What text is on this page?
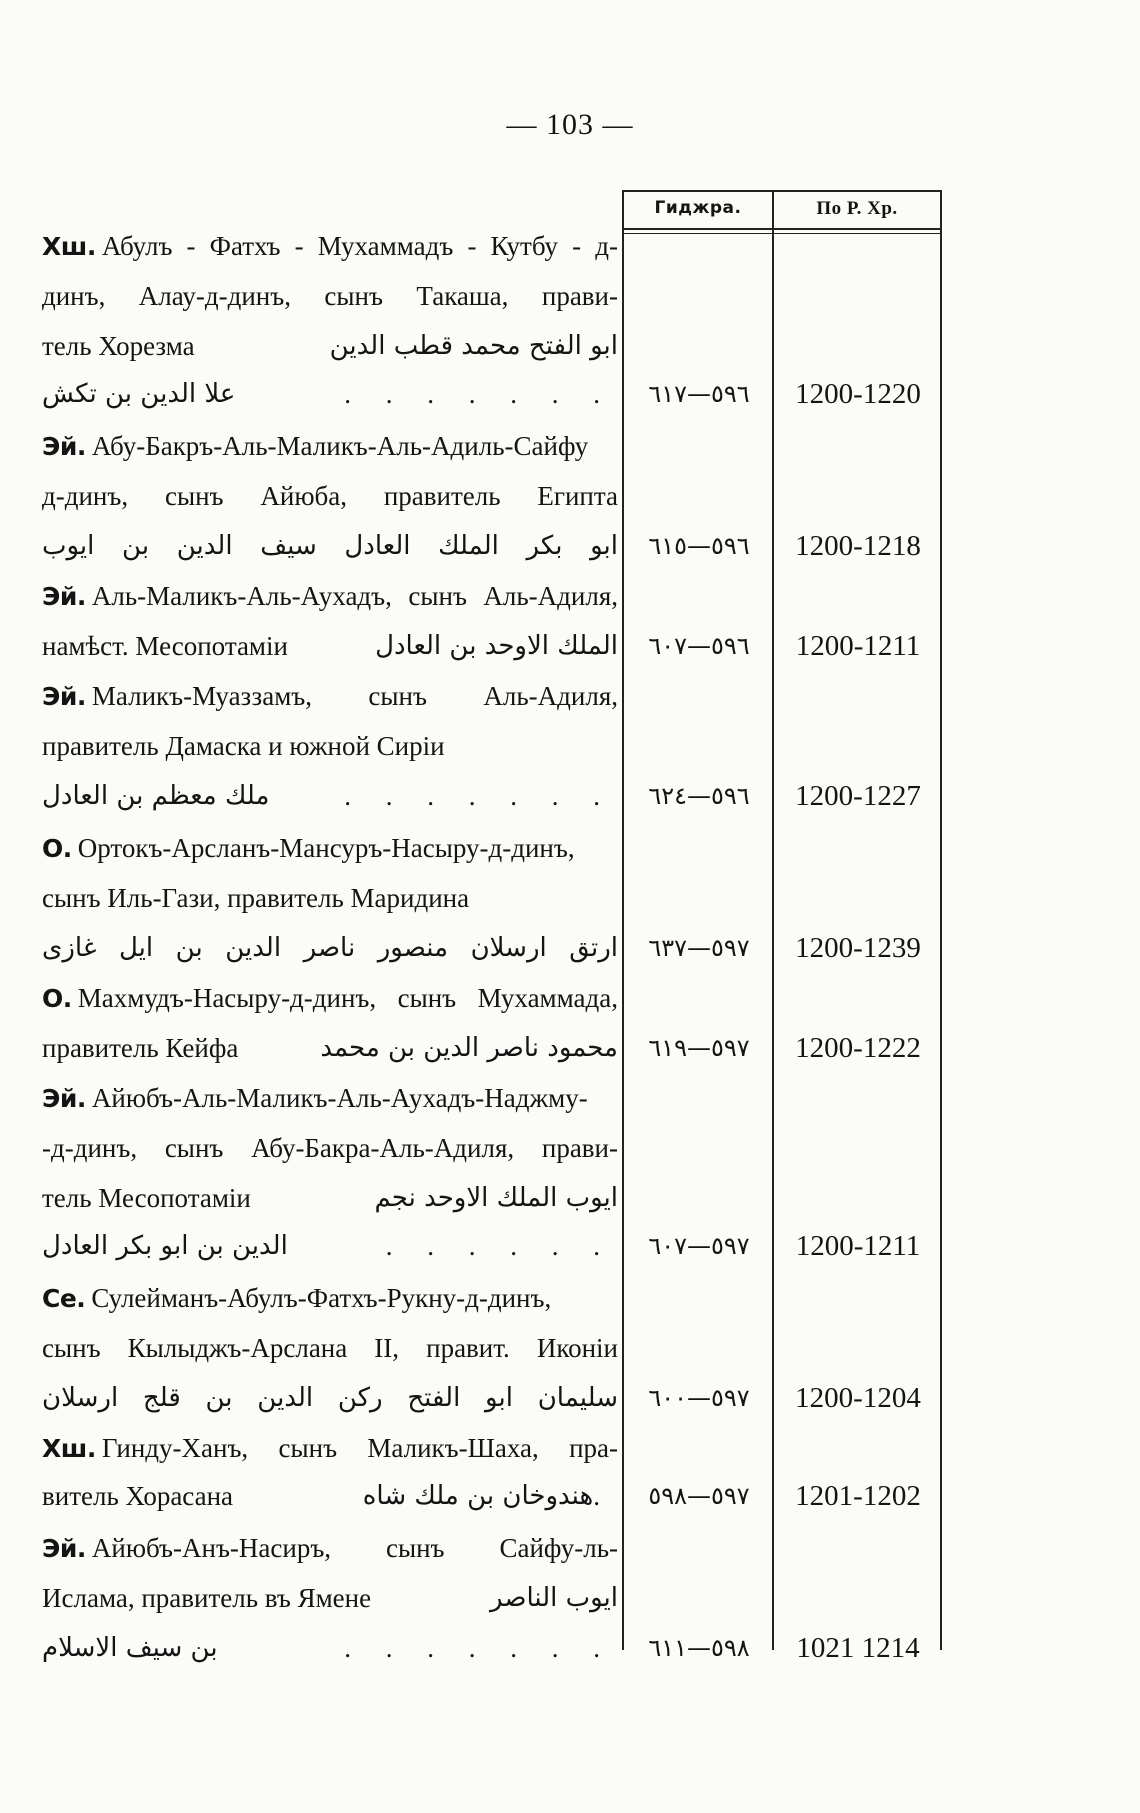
— 103 —
Гиджра.	По Р. Хр.
Хш. Абулъ - Фатхъ - Мухаммадъ - Кутбу - д-
динъ, Алау-д-динъ, сынъ Такаша, прави-
тель Хорезма	ابو الفتح محمد قطب الدين
علا الدين بن تكش	. . . . . . .	٥٩٦—٦١٧	1200-1220
Эй. Абу-Бакръ-Аль-Маликъ-Аль-Адиль-Сайфу
д-динъ, сынъ Айюба, правитель Египта
ابو بكر الملك العادل سيف الدين بن ايوب	٥٩٦—٦١٥	1200-1218
Эй. Аль-Маликъ-Аль-Аухадъ, сынъ Аль-Адиля,
намѣст. Месопотаміи	الملك الاوحد بن العادل	٥٩٦—٦٠٧	1200-1211
Эй. Маликъ-Муаззамъ, сынъ Аль-Адиля,
правитель Дамаска и южной Сиріи
ملك معظم بن العادل	. . . . . . .	٥٩٦—٦٢٤	1200-1227
О. Ортокъ-Арсланъ-Мансуръ-Насыру-д-динъ,
сынъ Иль-Гази, правитель Маридина
ارتق ارسلان منصور ناصر الدين بن ايل غازى	٥٩٧—٦٣٧	1200-1239
О. Махмудъ-Насыру-д-динъ, сынъ Мухаммада,
правитель Кейфа	محمود ناصر الدين بن محمد	٥٩٧—٦١٩	1200-1222
Эй. Айюбъ-Аль-Маликъ-Аль-Аухадъ-Наджму-
-д-динъ, сынъ Абу-Бакра-Аль-Адиля, прави-
тель Месопотаміи	ايوب الملك الاوحد نجم
الدين بن ابو بكر العادل	. . . . . .	٥٩٧—٦٠٧	1200-1211
Се. Сулейманъ-Абулъ-Фатхъ-Рукну-д-динъ,
сынъ Кылыджъ-Арслана II, правит. Иконіи
سليمان ابو الفتح ركن الدين بن قلج ارسلان	٥٩٧—٦٠٠	1200-1204
Хш. Гинду-Ханъ, сынъ Маликъ-Шаха, пра-
витель Хорасана	.
هندوخان بن ملك شاه	٥٩٧—٥٩٨	1201-1202
Эй. Айюбъ-Анъ-Насиръ, сынъ Сайфу-ль-
Ислама, правитель въ Ямене	ايوب الناصر
بن سيف الاسلام	. . . . . . .	٥٩٨—٦١١	1021 1214
